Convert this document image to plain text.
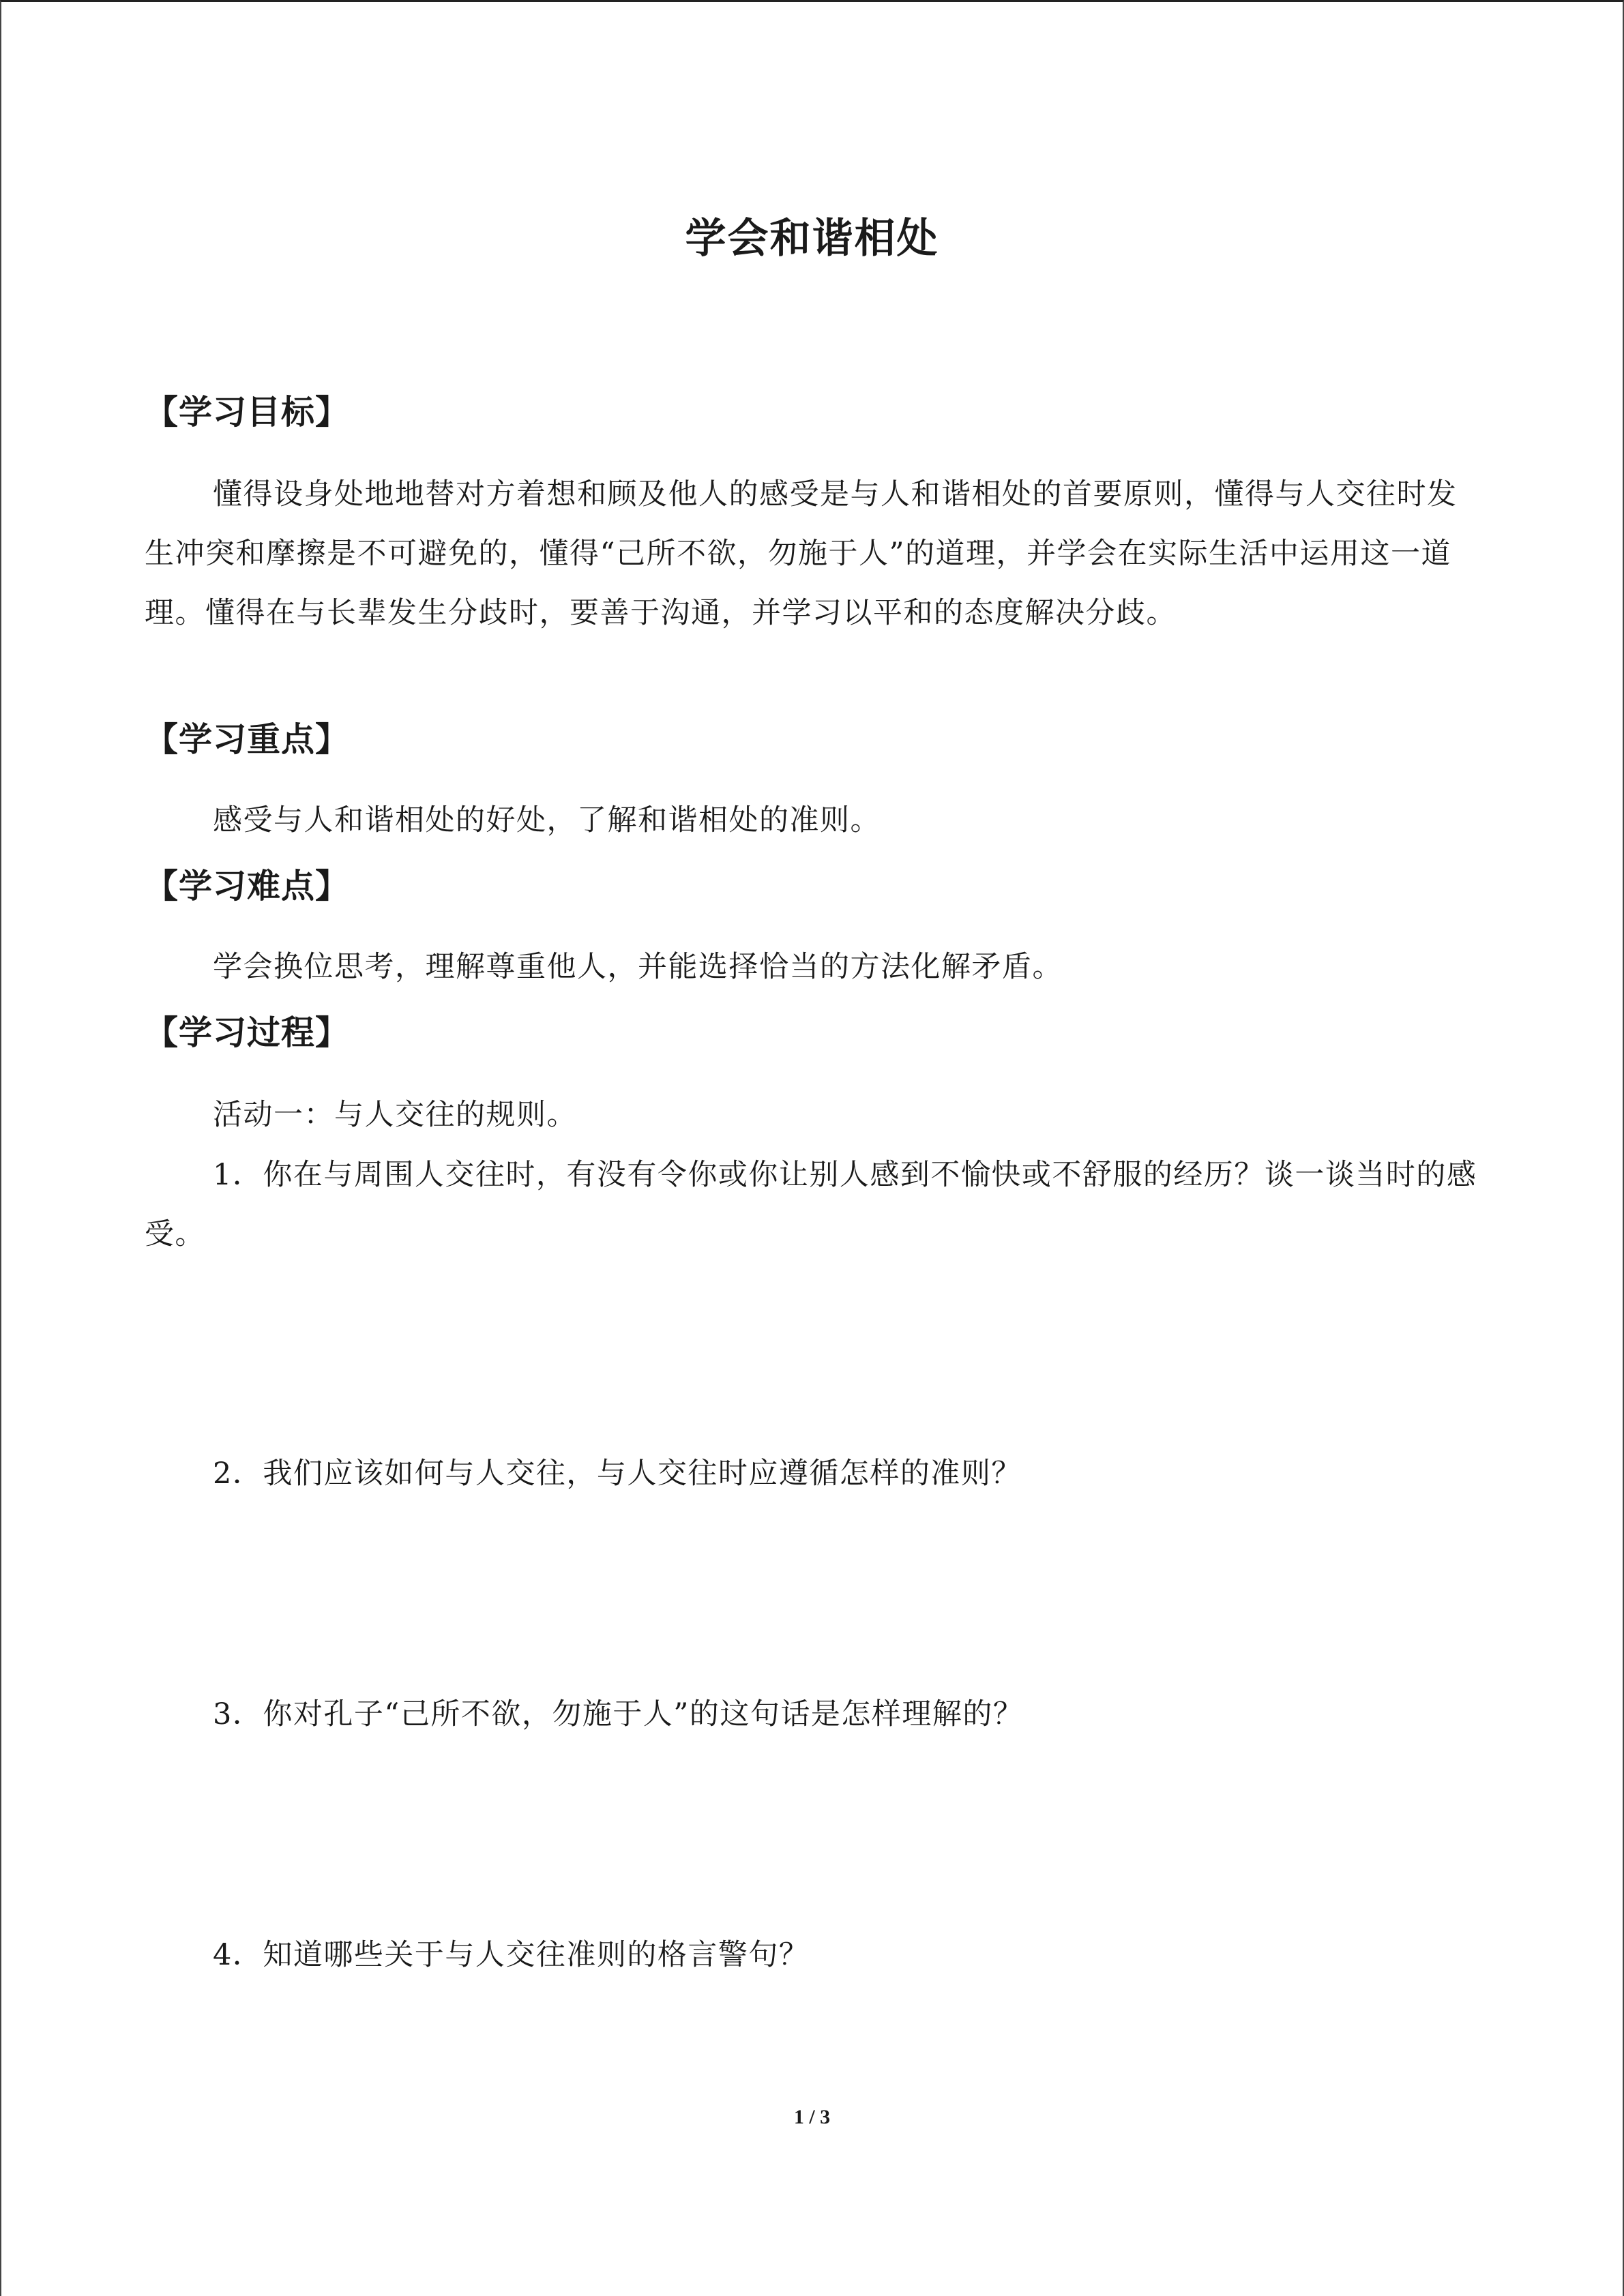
学会和谐相处
【学习目标】
懂得设身处地地替对方着想和顾及他人的感受是与人和谐相处的首要原则，懂得与人交往时发生冲突和摩擦是不可避免的，懂得“己所不欲，勿施于人”的道理，并学会在实际生活中运用这一道理。懂得在与长辈发生分歧时，要善于沟通，并学习以平和的态度解决分歧。
【学习重点】
感受与人和谐相处的好处，了解和谐相处的准则。
【学习难点】
学会换位思考，理解尊重他人，并能选择恰当的方法化解矛盾。
【学习过程】
活动一：与人交往的规则。
1．你在与周围人交往时，有没有令你或你让别人感到不愉快或不舒服的经历？谈一谈当时的感受。
2．我们应该如何与人交往，与人交往时应遵循怎样的准则？
3．你对孔子“己所不欲，勿施于人”的这句话是怎样理解的？
4．知道哪些关于与人交往准则的格言警句？
1 / 3
